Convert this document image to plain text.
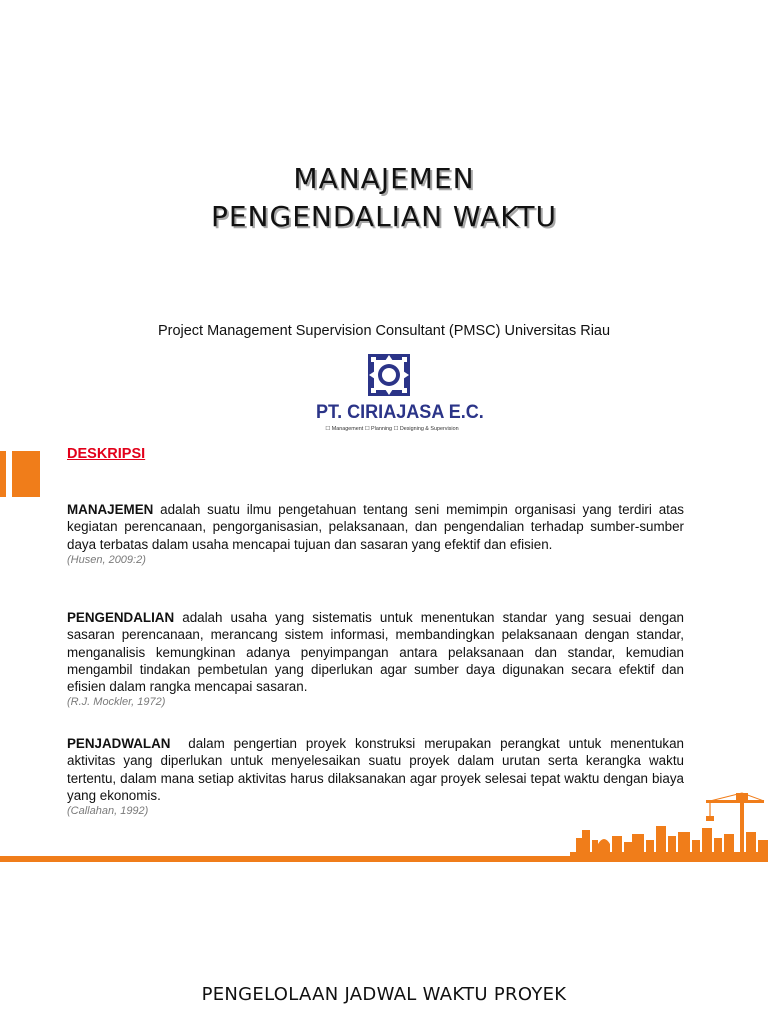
MANAJEMEN
PENGENDALIAN WAKTU
Project Management Supervision Consultant (PMSC) Universitas Riau
PT. CIRIAJASA E.C.
☐ Management ☐ Planning ☐ Designing & Supervision
DESKRIPSI
MANAJEMEN adalah suatu ilmu pengetahuan tentang seni memimpin organisasi yang terdiri atas kegiatan perencanaan, pengorganisasian, pelaksanaan, dan pengendalian terhadap sumber-sumber daya terbatas dalam usaha mencapai tujuan dan sasaran yang efektif dan efisien.
(Husen, 2009:2)
PENGENDALIAN adalah usaha yang sistematis untuk menentukan standar yang sesuai dengan sasaran perencanaan, merancang sistem informasi, membandingkan pelaksanaan dengan standar, menganalisis kemungkinan adanya penyimpangan antara pelaksanaan dan standar, kemudian mengambil tindakan pembetulan yang diperlukan agar sumber daya digunakan secara efektif dan efisien dalam rangka mencapai sasaran.
(R.J. Mockler, 1972)
PENJADWALAN  dalam pengertian proyek konstruksi merupakan perangkat untuk menentukan aktivitas yang diperlukan untuk menyelesaikan suatu proyek dalam urutan serta kerangka waktu tertentu, dalam mana setiap aktivitas harus dilaksanakan agar proyek selesai tepat waktu dengan biaya yang ekonomis.
(Callahan, 1992)
PENGELOLAAN JADWAL WAKTU PROYEK
